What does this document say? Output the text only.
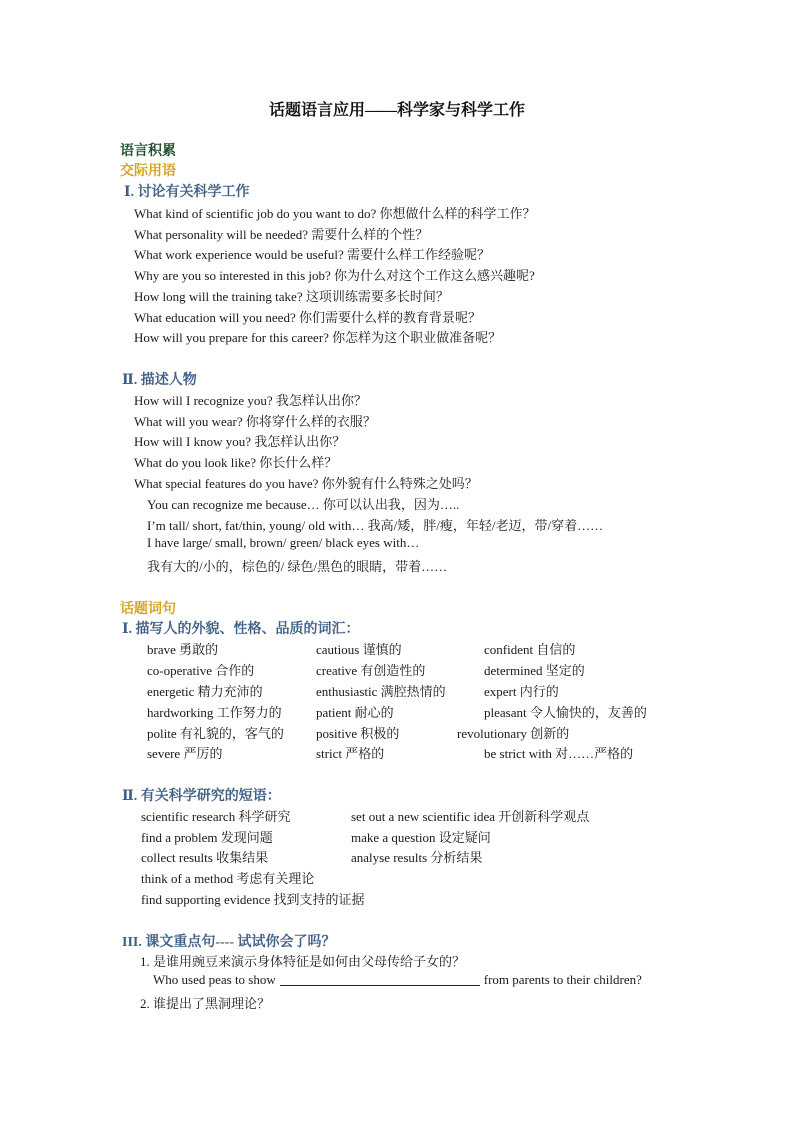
话题语言应用——科学家与科学工作
语言积累
交际用语
Ⅰ. 讨论有关科学工作
What kind of scientific job do you want to do? 你想做什么样的科学工作？
What personality will be needed? 需要什么样的个性？
What work experience would be useful? 需要什么样工作经验呢？
Why are you so interested in this job? 你为什么对这个工作这么感兴趣呢?
How long will the training take? 这项训练需要多长时间？
What education will you need? 你们需要什么样的教育背景呢？
How will you prepare for this career? 你怎样为这个职业做准备呢？
Ⅱ. 描述人物
How will I recognize you? 我怎样认出你？
What will you wear? 你将穿什么样的衣服？
How will I know you? 我怎样认出你？
What do you look like? 你长什么样？
What special features do you have? 你外貌有什么特殊之处吗？
You can recognize me because… 你可以认出我，因为…..
I’m tall/ short, fat/thin, young/ old with… 我高/矮，胖/瘦，年轻/老迈，带/穿着……
I have large/ small, brown/ green/ black eyes with…
我有大的/小的，棕色的/ 绿色/黑色的眼睛，带着……
话题词句
Ⅰ. 描写人的外貌、性格、品质的词汇：
brave 勇敢的	cautious 谨慎的	confident 自信的
co-operative 合作的	creative 有创造性的	determined 坚定的
energetic 精力充沛的	enthusiastic 满腔热情的	expert 内行的
hardworking 工作努力的	patient 耐心的	pleasant 令人愉快的，友善的
polite 有礼貌的，客气的 positive 积极的	revolutionary 创新的
severe 严厉的	strict 严格的	be strict with 对……严格的
Ⅱ. 有关科学研究的短语：
scientific research 科学研究	set out a new scientific idea 开创新科学观点
find a problem 发现问题	make a question 设定疑问
collect results 收集结果	analyse results 分析结果
think of a method 考虑有关理论
find supporting evidence 找到支持的证据
III. 课文重点句---- 试试你会了吗？
1. 是谁用豌豆来演示身体特征是如何由父母传给子女的？
Who used peas to show	from parents to their children?
2. 谁提出了黑洞理论？
